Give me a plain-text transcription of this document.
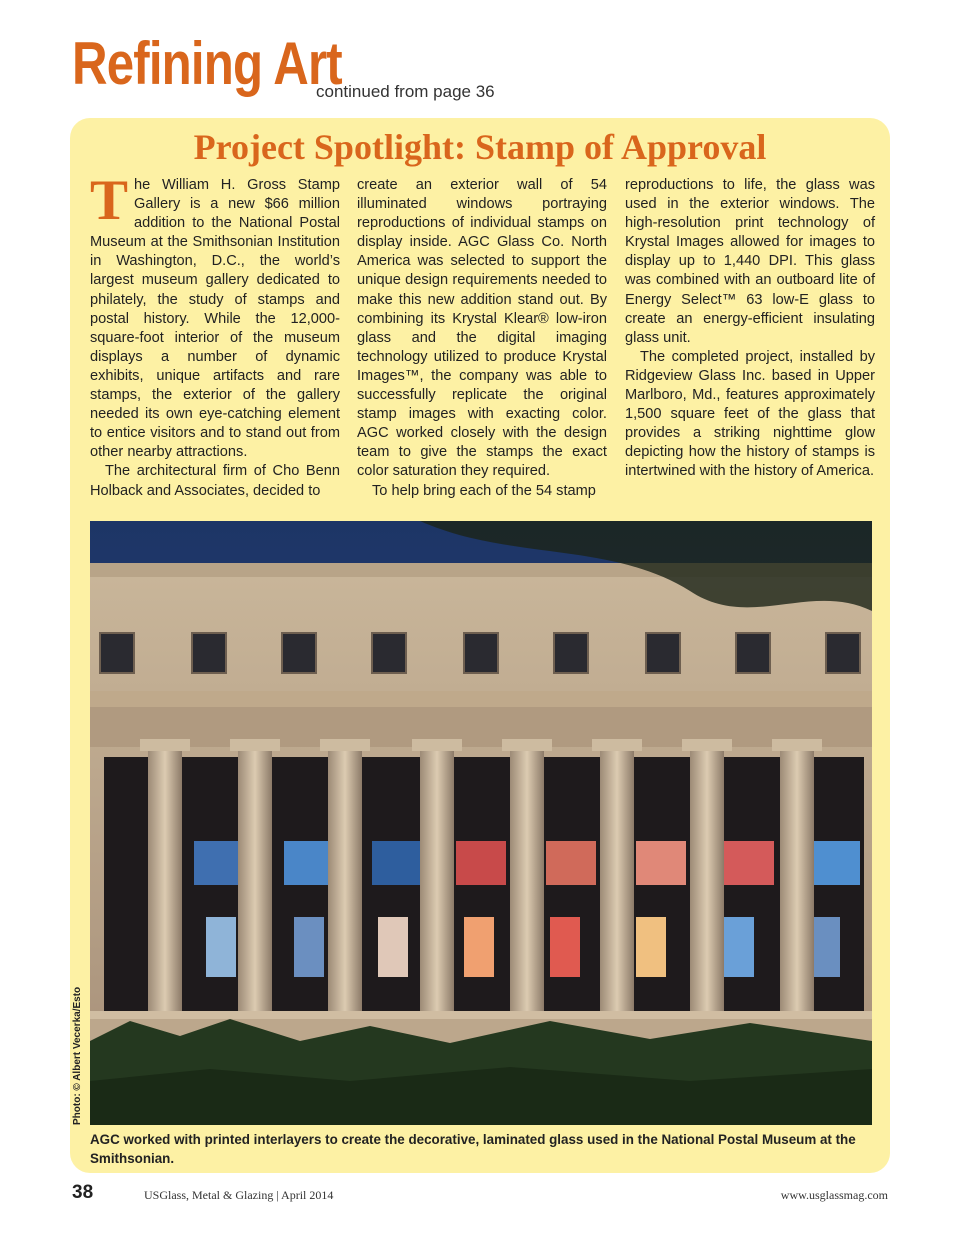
Refining Art
continued from page 36
Project Spotlight: Stamp of Approval

The William H. Gross Stamp Gallery is a new $66 million addition to the National Postal Museum at the Smithsonian Institution in Washington, D.C., the world’s largest museum gallery dedicated to philately, the study of stamps and postal history. While the 12,000-square-foot interior of the museum displays a number of dynamic exhibits, unique artifacts and rare stamps, the exterior of the gallery needed its own eye-catching element to entice visitors and to stand out from other nearby attractions.

The architectural firm of Cho Benn Holback and Associates, decided to

create an exterior wall of 54 illuminated windows portraying reproductions of individual stamps on display inside. AGC Glass Co. North America was selected to support the unique design requirements needed to make this new addition stand out. By combining its Krystal Klear® low-iron glass and the digital imaging technology utilized to produce Krystal Images™, the company was able to successfully replicate the original stamp images with exacting color. AGC worked closely with the design team to give the stamps the exact color saturation they required.

To help bring each of the 54 stamp

reproductions to life, the glass was used in the exterior windows. The high-resolution print technology of Krystal Images allowed for images to display up to 1,440 DPI. This glass was combined with an outboard lite of Energy Select™ 63 low-E glass to create an energy-efficient insulating glass unit.

The completed project, installed by Ridgeview Glass Inc. based in Upper Marlboro, Md., features approximately 1,500 square feet of the glass that provides a striking nighttime glow depicting how the history of stamps is intertwined with the history of America.

Photo: © Albert Vecerka/Esto
AGC worked with printed interlayers to create the decorative, laminated glass used in the National Postal Museum at the Smithsonian.
38	USGlass, Metal & Glazing | April 2014	www.usglassmag.com
